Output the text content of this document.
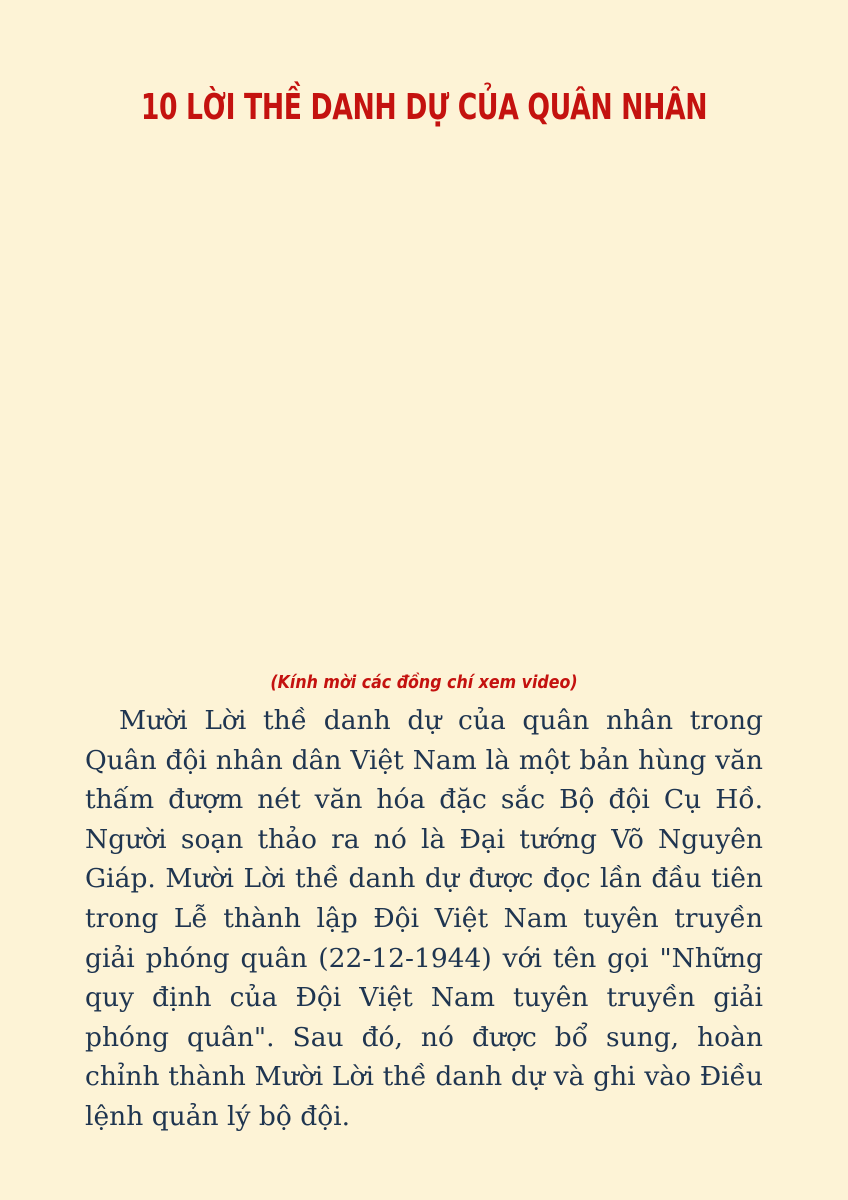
10 LỜI THỀ DANH DỰ CỦA QUÂN NHÂN
(Kính mời các đồng chí xem video)

Mười Lời thề danh dự của quân nhân trong Quân đội nhân dân Việt Nam là một bản hùng văn thấm đượm nét văn hóa đặc sắc Bộ đội Cụ Hồ. Người soạn thảo ra nó là Đại tướng Võ Nguyên Giáp. Mười Lời thề danh dự được đọc lần đầu tiên trong Lễ thành lập Đội Việt Nam tuyên truyền giải phóng quân (22-12-1944) với tên gọi "Những quy định của Đội Việt Nam tuyên truyền giải phóng quân". Sau đó, nó được bổ sung, hoàn chỉnh thành Mười Lời thề danh dự và ghi vào Điều lệnh quản lý bộ đội.
